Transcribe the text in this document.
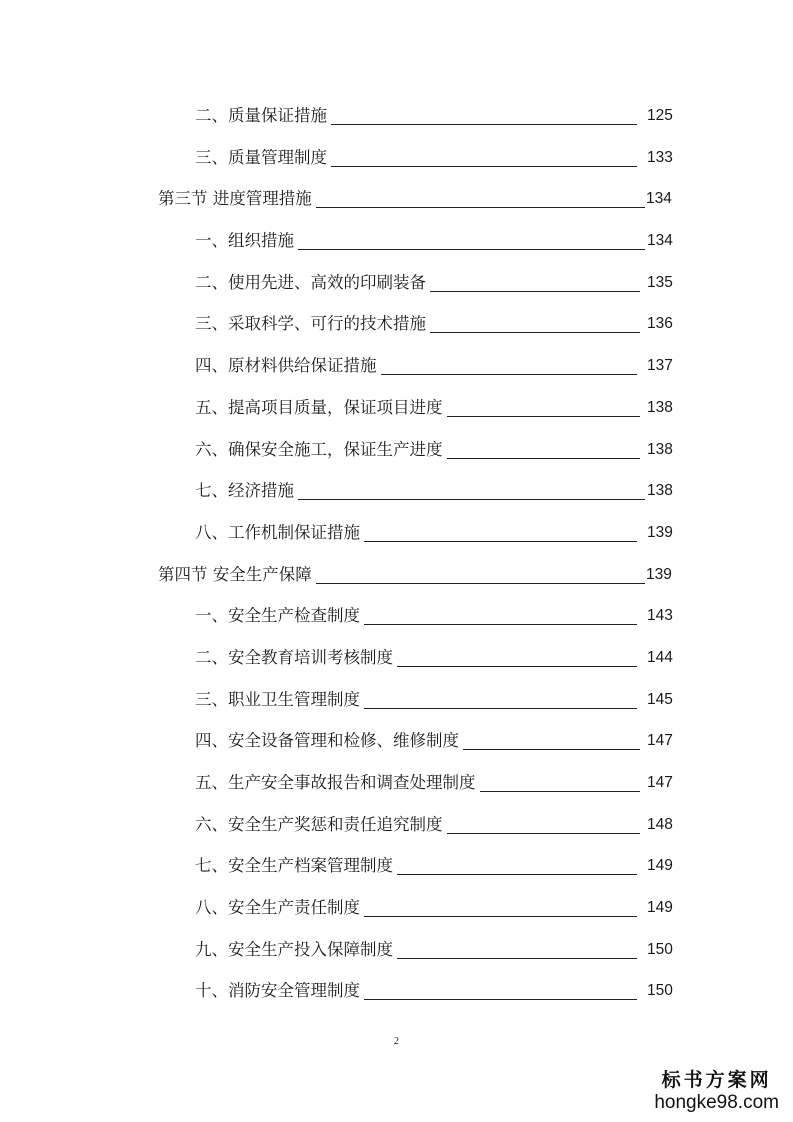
二、质量保证措施	125
三、质量管理制度	133
第三节 进度管理措施	134
一、组织措施	134
二、使用先进、高效的印刷装备	135
三、采取科学、可行的技术措施	136
四、原材料供给保证措施	137
五、提高项目质量，保证项目进度	138
六、确保安全施工，保证生产进度	138
七、经济措施	138
八、工作机制保证措施	139
第四节 安全生产保障	139
一、安全生产检查制度	143
二、安全教育培训考核制度	144
三、职业卫生管理制度	145
四、安全设备管理和检修、维修制度	147
五、生产安全事故报告和调查处理制度	147
六、安全生产奖惩和责任追究制度	148
七、安全生产档案管理制度	149
八、安全生产责任制度	149
九、安全生产投入保障制度	150
十、消防安全管理制度	150
2
标书方案网
hongke98.com
